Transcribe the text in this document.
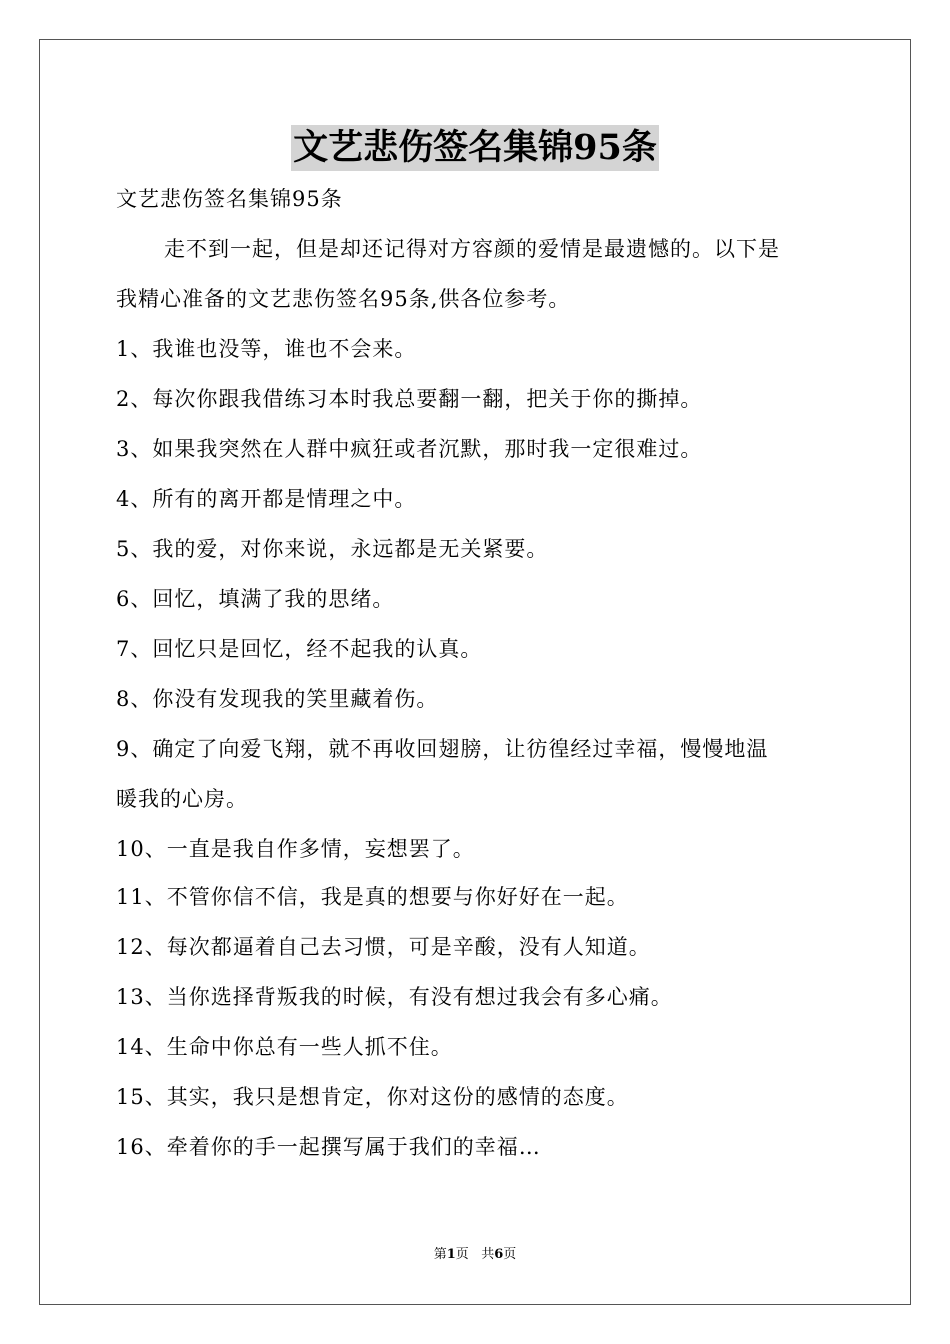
文艺悲伤签名集锦95条
文艺悲伤签名集锦95条
走不到一起，但是却还记得对方容颜的爱情是最遗憾的。以下是
我精心准备的文艺悲伤签名95条,供各位参考。
1、我谁也没等，谁也不会来。
2、每次你跟我借练习本时我总要翻一翻，把关于你的撕掉。
3、如果我突然在人群中疯狂或者沉默，那时我一定很难过。
4、所有的离开都是情理之中。
5、我的爱，对你来说，永远都是无关紧要。
6、回忆，填满了我的思绪。
7、回忆只是回忆，经不起我的认真。
8、你没有发现我的笑里藏着伤。
9、确定了向爱飞翔，就不再收回翅膀，让彷徨经过幸福，慢慢地温
暖我的心房。
10、一直是我自作多情，妄想罢了。
11、不管你信不信，我是真的想要与你好好在一起。
12、每次都逼着自己去习惯，可是辛酸，没有人知道。
13、当你选择背叛我的时候，有没有想过我会有多心痛。
14、生命中你总有一些人抓不住。
15、其实，我只是想肯定，你对这份的感情的态度。
16、牵着你的手一起撰写属于我们的幸福…
第1页 共6页
